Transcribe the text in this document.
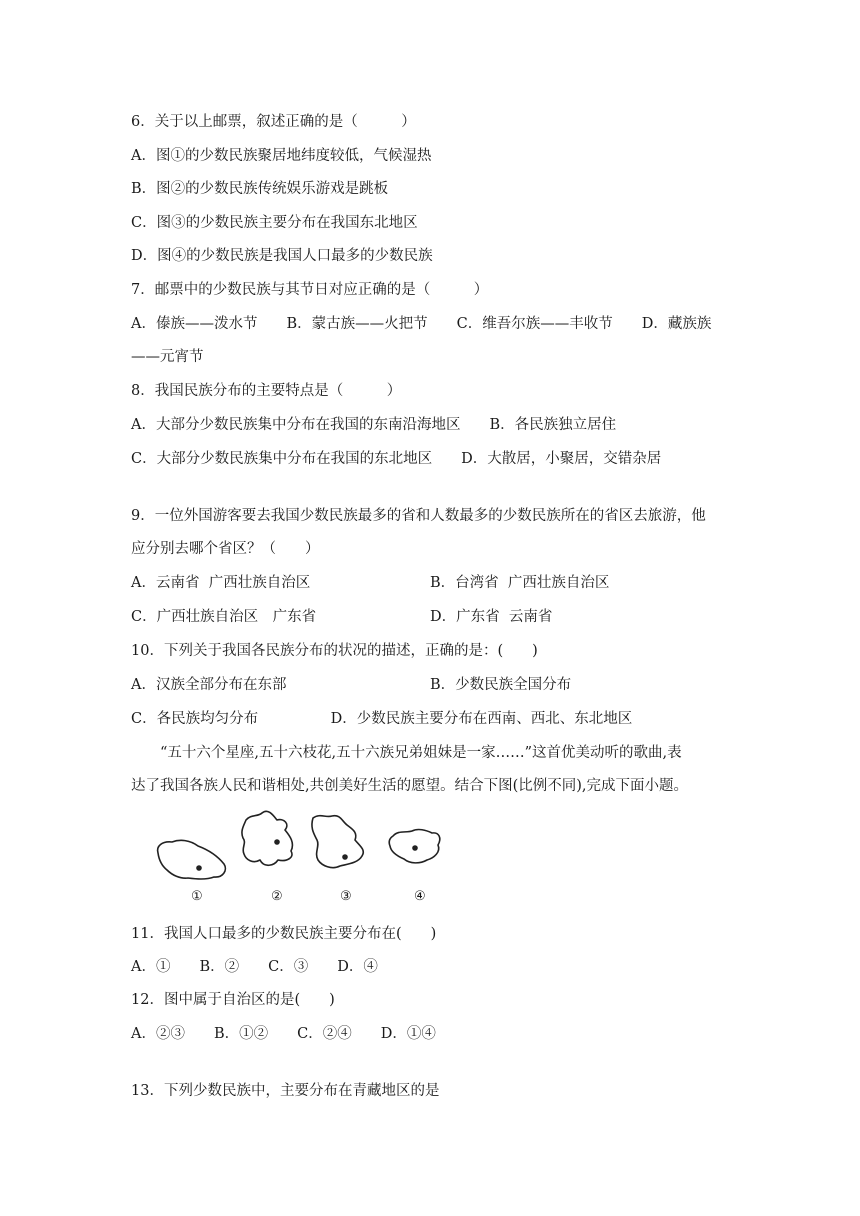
6．关于以上邮票，叙述正确的是（　　　）
A．图①的少数民族聚居地纬度较低，气候湿热
B．图②的少数民族传统娱乐游戏是跳板
C．图③的少数民族主要分布在我国东北地区
D．图④的少数民族是我国人口最多的少数民族
7．邮票中的少数民族与其节日对应正确的是（　　　）
A．傣族——泼水节　　B．蒙古族——火把节　　C．维吾尔族——丰收节　　D．藏族族
——元宵节
8．我国民族分布的主要特点是（　　　）
A．大部分少数民族集中分布在我国的东南沿海地区　　B．各民族独立居住
C．大部分少数民族集中分布在我国的东北地区　　D．大散居，小聚居，交错杂居
9．一位外国游客要去我国少数民族最多的省和人数最多的少数民族所在的省区去旅游，他
应分别去哪个省区？（　　）
A．云南省  广西壮族自治区	B．台湾省  广西壮族自治区
C．广西壮族自治区　广东省	D．广东省  云南省
10．下列关于我国各民族分布的状况的描述，正确的是：(　　)
A．汉族全部分布在东部	B．少数民族全国分布
C．各民族均匀分布　　　　　D．少数民族主要分布在西南、西北、东北地区
　　“五十六个星座,五十六枝花,五十六族兄弟姐妹是一家……”这首优美动听的歌曲,表
达了我国各族人民和谐相处,共创美好生活的愿望。结合下图(比例不同),完成下面小题。
①	②	③	④
11．我国人口最多的少数民族主要分布在(　　)
A．①　　B．②　　C．③　　D．④
12．图中属于自治区的是(　　)
A．②③　　B．①②　　C．②④　　D．①④
13．下列少数民族中，主要分布在青藏地区的是
